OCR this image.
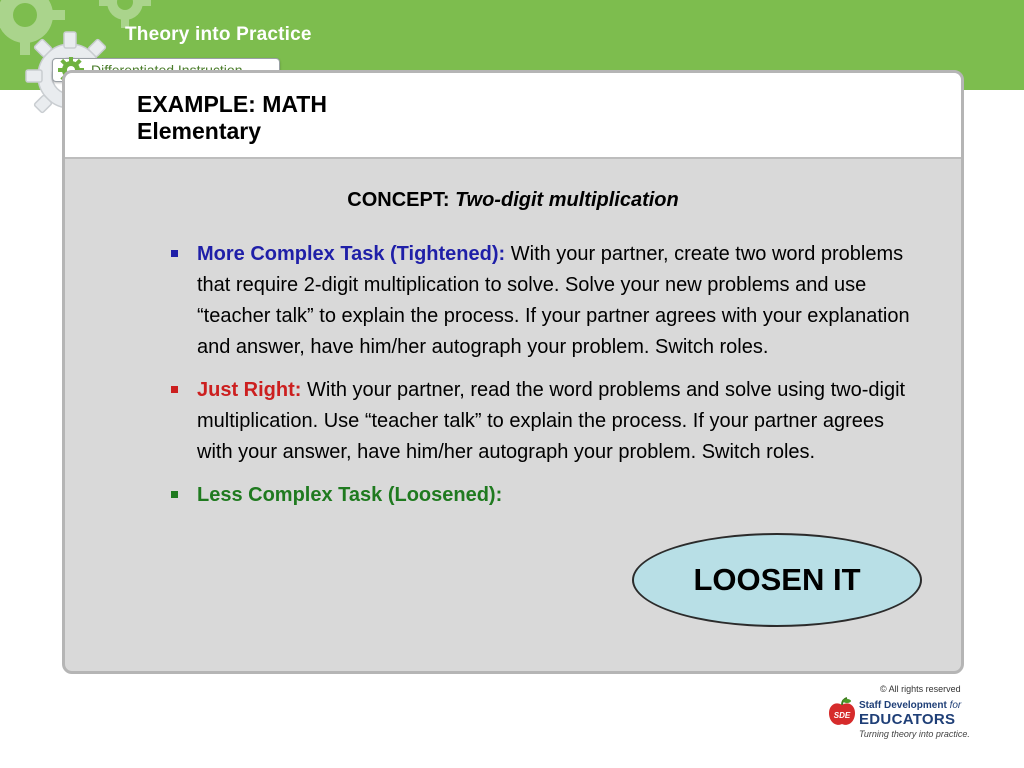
Theory into Practice
EXAMPLE: MATH
Elementary
CONCEPT: Two-digit multiplication
More Complex Task (Tightened): With your partner, create two word problems that require 2-digit multiplication to solve. Solve your new problems and use “teacher talk” to explain the process. If your partner agrees with your explanation and answer, have him/her autograph your problem. Switch roles.
Just Right: With your partner, read the word problems and solve using two-digit multiplication. Use “teacher talk” to explain the process. If your partner agrees with your answer, have him/her autograph your problem. Switch roles.
Less Complex Task (Loosened):
LOOSEN IT
© All rights reserved
SDE
Staff Development for
EDUCATORS
Turning theory into practice.
